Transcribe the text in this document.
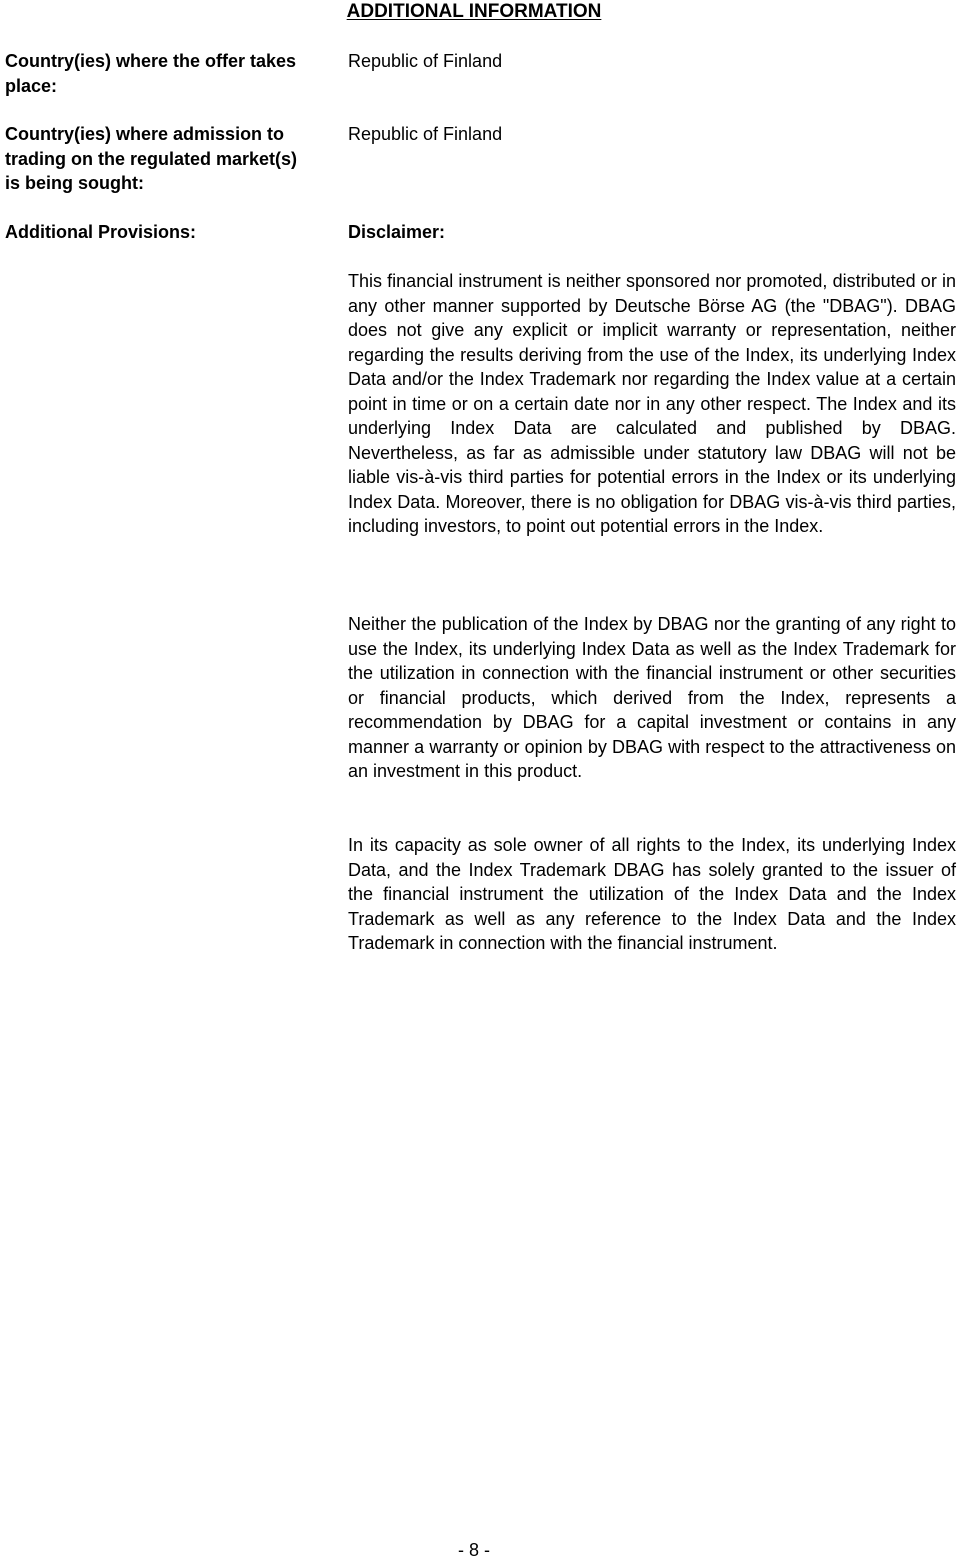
ADDITIONAL INFORMATION
Country(ies) where the offer takes place:
Republic of Finland
Country(ies) where admission to trading on the regulated market(s) is being sought:
Republic of Finland
Additional Provisions:	Disclaimer:
This financial instrument is neither sponsored nor promoted, distributed or in any other manner supported by Deutsche Börse AG (the "DBAG"). DBAG does not give any explicit or implicit warranty or representation, neither regarding the results deriving from the use of the Index, its underlying Index Data and/or the Index Trademark nor regarding the Index value at a certain point in time or on a certain date nor in any other respect. The Index and its underlying Index Data are calculated and published by DBAG. Nevertheless, as far as admissible under statutory law DBAG will not be liable vis-à-vis third parties for potential errors in the Index or its underlying Index Data. Moreover, there is no obligation for DBAG vis-à-vis third parties, including investors, to point out potential errors in the Index.
Neither the publication of the Index by DBAG nor the granting of any right to use the Index, its underlying Index Data as well as the Index Trademark for the utilization in connection with the financial instrument or other securities or financial products, which derived from the Index, represents a recommendation by DBAG for a capital investment or contains in any manner a warranty or opinion by DBAG with respect to the attractiveness on an investment in this product.
In its capacity as sole owner of all rights to the Index, its underlying Index Data, and the Index Trademark DBAG has solely granted to the issuer of the financial instrument the utilization of the Index Data and the Index Trademark as well as any reference to the Index Data and the Index Trademark in connection with the financial instrument.
- 8 -
